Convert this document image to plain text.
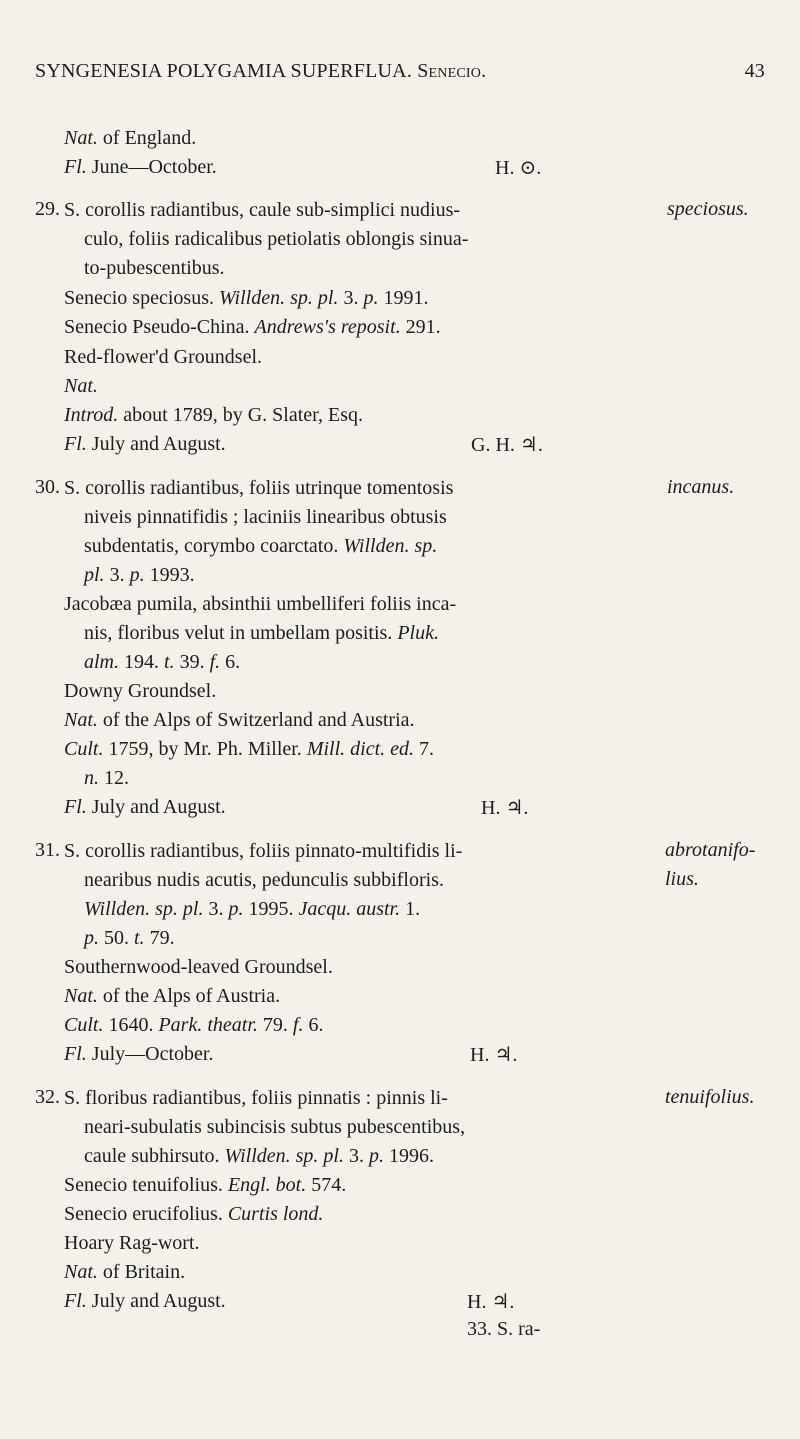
SYNGENESIA POLYGAMIA SUPERFLUA. Senecio.	43
Nat. of England.
Fl. June—October.	H. ⊙.
29.	speciosus.
S. corollis radiantibus, caule sub-simplici nudius-
culo, foliis radicalibus petiolatis oblongis sinua-
to-pubescentibus.
Senecio speciosus. Willden. sp. pl. 3. p. 1991.
Senecio Pseudo-China. Andrews's reposit. 291.
Red-flower'd Groundsel.
Nat.
Introd. about 1789, by G. Slater, Esq.
Fl. July and August.	G. H. ♃.
30.	incanus.
S. corollis radiantibus, foliis utrinque tomentosis
niveis pinnatifidis ; laciniis linearibus obtusis
subdentatis, corymbo coarctato. Willden. sp.
pl. 3. p. 1993.
Jacobæa pumila, absinthii umbelliferi foliis inca-
nis, floribus velut in umbellam positis. Pluk.
alm. 194. t. 39. f. 6.
Downy Groundsel.
Nat. of the Alps of Switzerland and Austria.
Cult. 1759, by Mr. Ph. Miller. Mill. dict. ed. 7.
n. 12.
Fl. July and August.	H. ♃.
31.	abrotanifo-
lius.
S. corollis radiantibus, foliis pinnato-multifidis li-
nearibus nudis acutis, pedunculis subbifloris.
Willden. sp. pl. 3. p. 1995. Jacqu. austr. 1.
p. 50. t. 79.
Southernwood-leaved Groundsel.
Nat. of the Alps of Austria.
Cult. 1640. Park. theatr. 79. f. 6.
Fl. July—October.	H. ♃.
32.	tenuifolius.
S. floribus radiantibus, foliis pinnatis : pinnis li-
neari-subulatis subincisis subtus pubescentibus,
caule subhirsuto. Willden. sp. pl. 3. p. 1996.
Senecio tenuifolius. Engl. bot. 574.
Senecio erucifolius. Curtis lond.
Hoary Rag-wort.
Nat. of Britain.
Fl. July and August.	H. ♃.
33. S. ra-
